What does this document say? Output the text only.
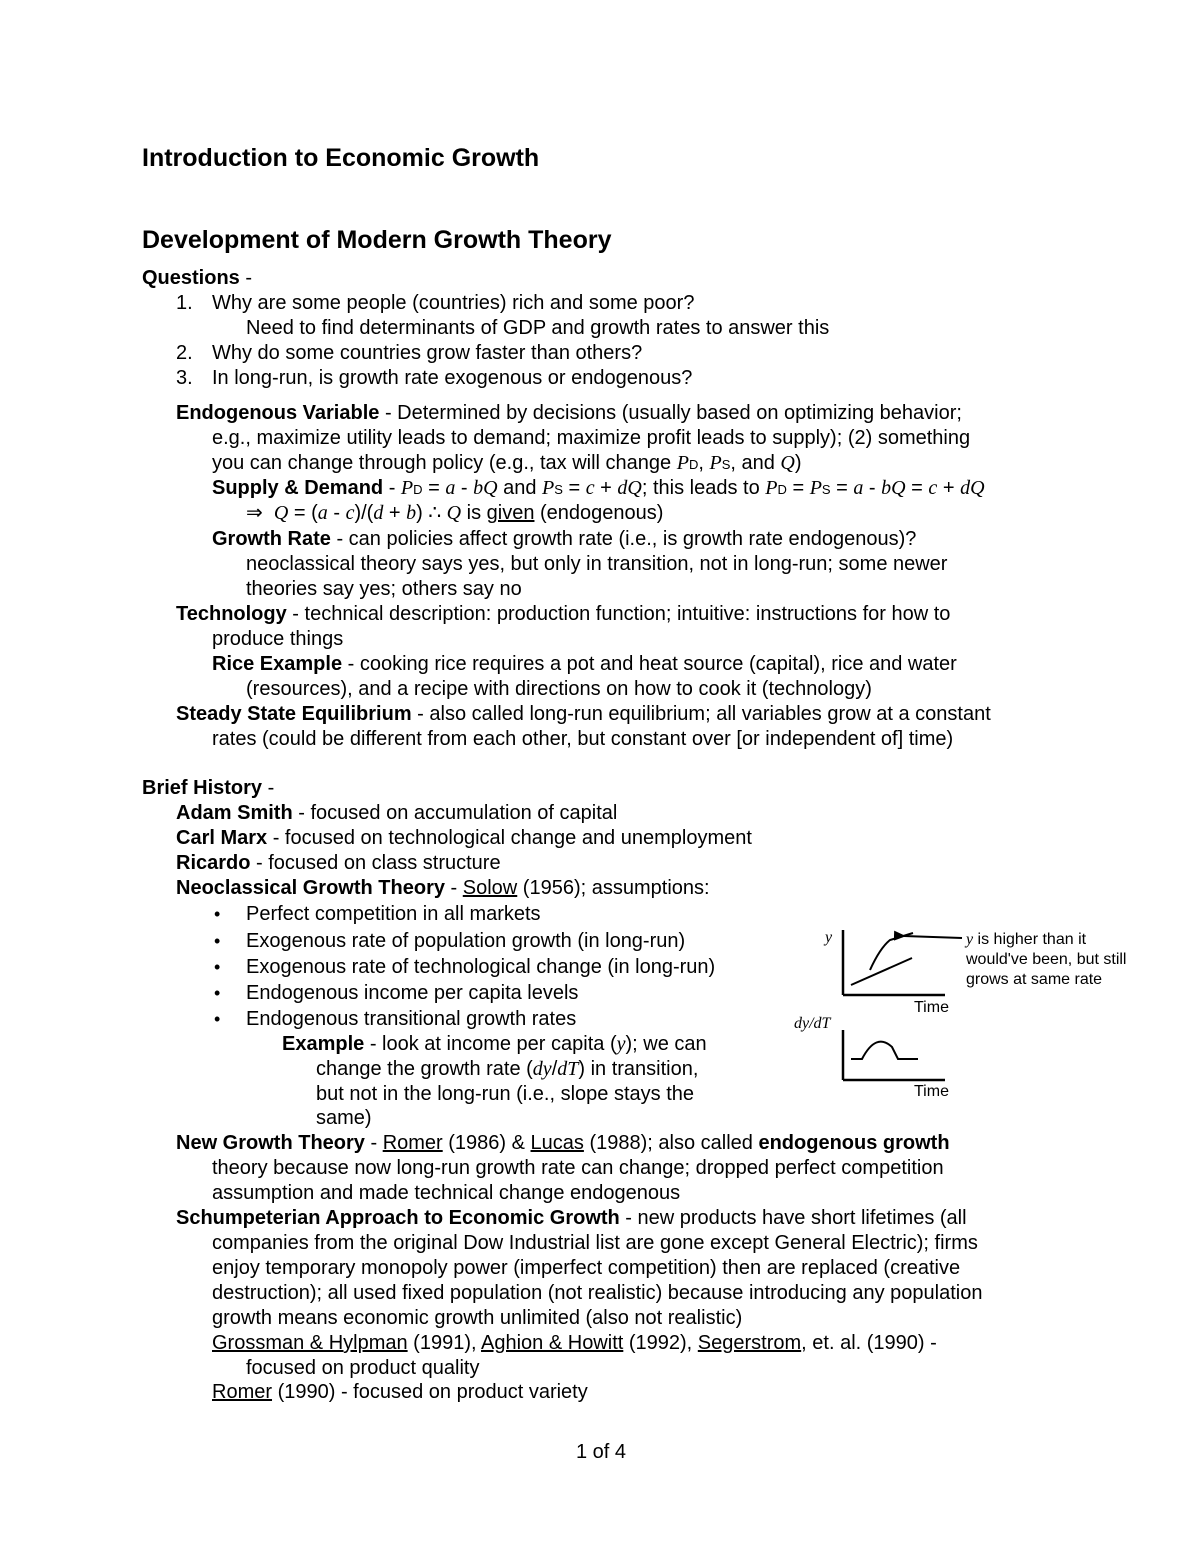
Introduction to Economic Growth
Development of Modern Growth Theory
Questions -
1. Why are some people (countries) rich and some poor?
Need to find determinants of GDP and growth rates to answer this
2. Why do some countries grow faster than others?
3. In long-run, is growth rate exogenous or endogenous?
Endogenous Variable - Determined by decisions (usually based on optimizing behavior;
e.g., maximize utility leads to demand; maximize profit leads to supply); (2) something
you can change through policy (e.g., tax will change PD, PS, and Q)
Supply & Demand - PD = a - bQ and PS = c + dQ; this leads to PD = PS = a - bQ = c + dQ
⇒  Q = (a - c)/(d + b) ∴ Q is given (endogenous)
Growth Rate - can policies affect growth rate (i.e., is growth rate endogenous)?
neoclassical theory says yes, but only in transition, not in long-run; some newer
theories say yes; others say no
Technology - technical description: production function; intuitive: instructions for how to
produce things
Rice Example - cooking rice requires a pot and heat source (capital), rice and water
(resources), and a recipe with directions on how to cook it (technology)
Steady State Equilibrium - also called long-run equilibrium; all variables grow at a constant
rates (could be different from each other, but constant over [or independent of] time)
Brief History -
Adam Smith - focused on accumulation of capital
Carl Marx - focused on technological change and unemployment
Ricardo - focused on class structure
Neoclassical Growth Theory - Solow (1956); assumptions:
• Perfect competition in all markets
• Exogenous rate of population growth (in long-run)
• Exogenous rate of technological change (in long-run)
• Endogenous income per capita levels
• Endogenous transitional growth rates
Example - look at income per capita (y); we can
change the growth rate (dy/dT) in transition,
but not in the long-run (i.e., slope stays the
same)
New Growth Theory - Romer (1986) & Lucas (1988); also called endogenous growth
theory because now long-run growth rate can change; dropped perfect competition
assumption and made technical change endogenous
Schumpeterian Approach to Economic Growth - new products have short lifetimes (all
companies from the original Dow Industrial list are gone except General Electric); firms
enjoy temporary monopoly power (imperfect competition) then are replaced (creative
destruction); all used fixed population (not realistic) because introducing any population
growth means economic growth unlimited (also not realistic)
Grossman & Hylpman (1991), Aghion & Howitt (1992), Segerstrom, et. al. (1990) -
focused on product quality
Romer (1990) - focused on product variety
y
Time
dy/dT
Time
y is higher than it
would've been, but still
grows at same rate
1 of 4
